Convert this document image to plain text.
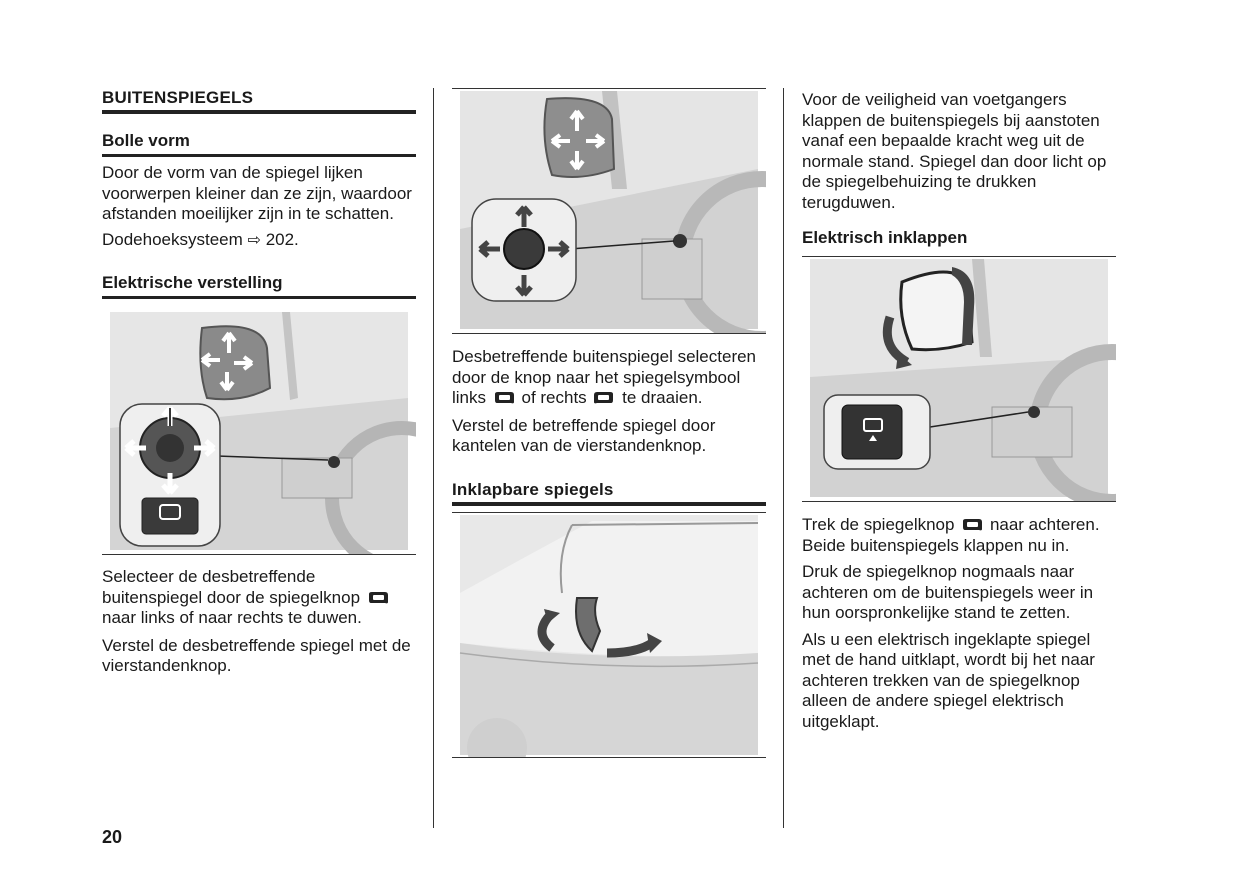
BUITENSPIEGELS
Bolle vorm

Door de vorm van de spiegel lijken voorwerpen kleiner dan ze zijn, waardoor afstanden moeilijker zijn in te schatten.

Dodehoeksysteem ⇨ 202.

Elektrische verstelling

Selecteer de desbetreffende buitenspiegel door de spiegelknop  naar links of naar rechts te duwen.

Verstel de desbetreffende spiegel met de vierstandenknop.

Desbetreffende buitenspiegel selecteren door de knop naar het spiegelsymbool links of rechts te draaien.

Verstel de betreffende spiegel door kantelen van de vierstandenknop.

Inklapbare spiegels

Voor de veiligheid van voetgangers klappen de buitenspiegels bij aanstoten vanaf een bepaalde kracht weg uit de normale stand. Spiegel dan door licht op de spiegelbehuizing te drukken terugduwen.

Elektrisch inklappen

Trek de spiegelknop naar achteren. Beide buitenspiegels klappen nu in.

Druk de spiegelknop nogmaals naar achteren om de buitenspiegels weer in hun oorspronkelijke stand te zetten.

Als u een elektrisch ingeklapte spiegel met de hand uitklapt, wordt bij het naar achteren trekken van de spiegelknop alleen de andere spiegel elektrisch uitgeklapt.

20
